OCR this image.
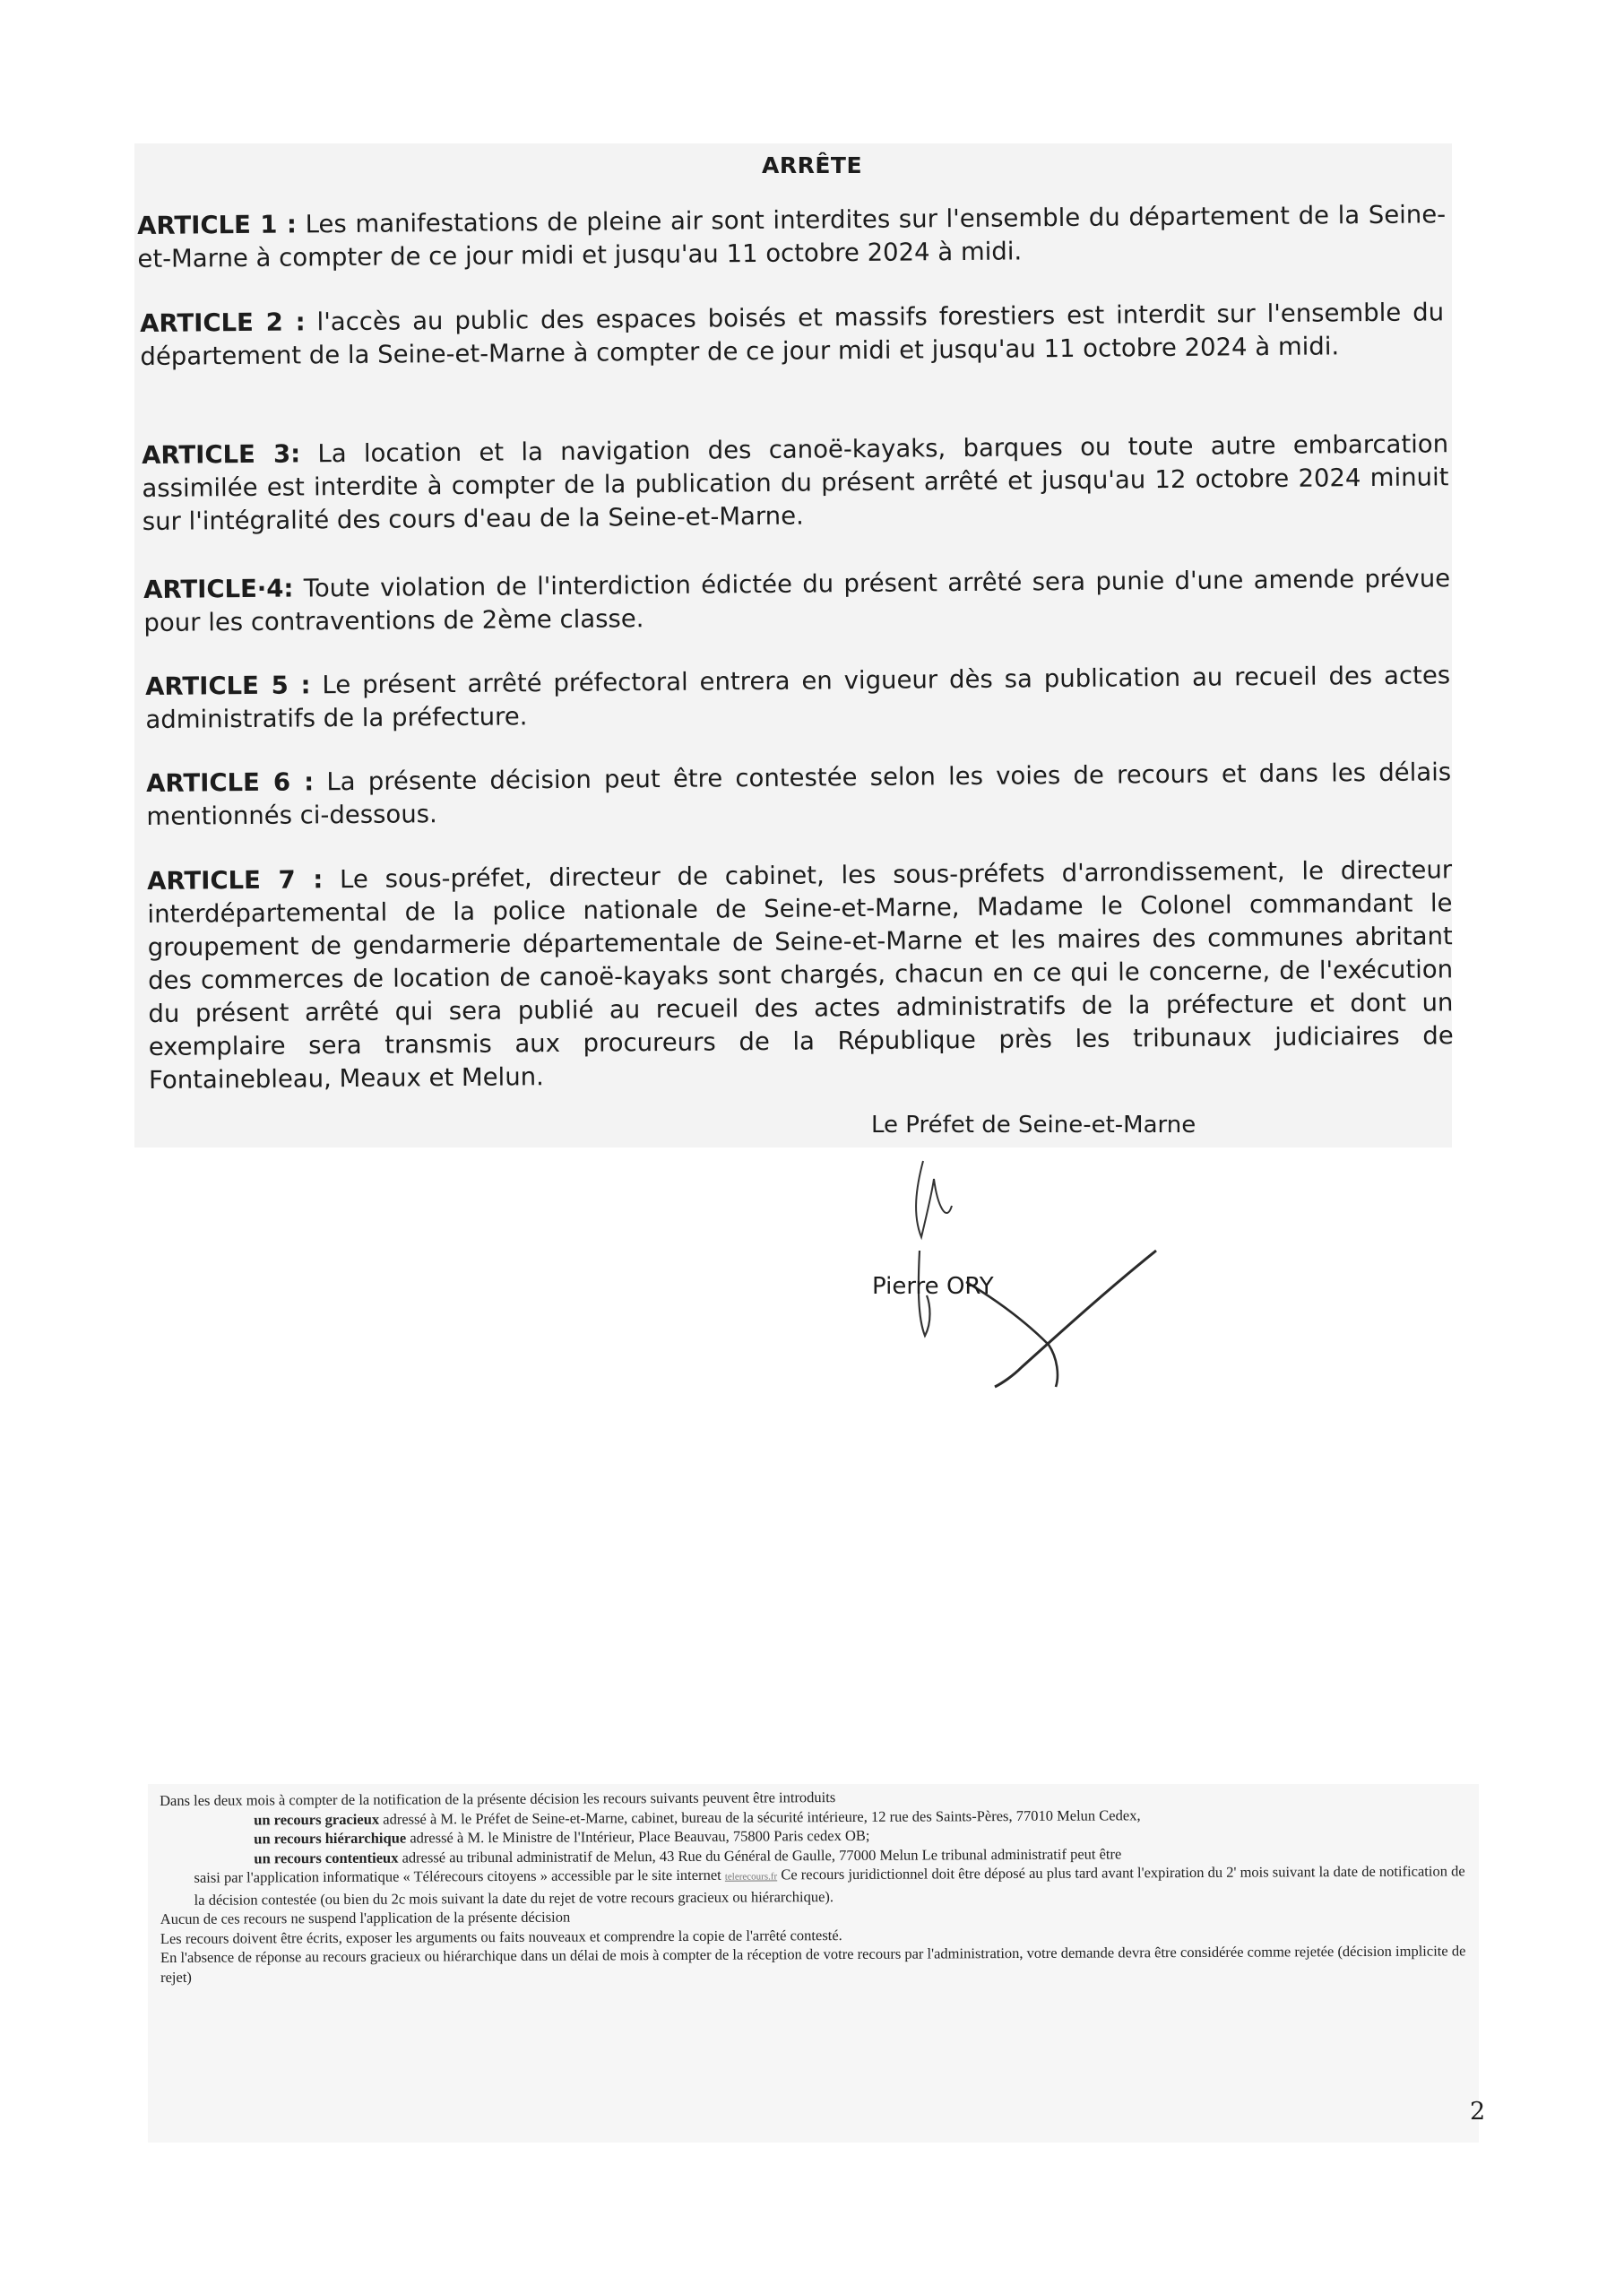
ARRÊTE
ARTICLE 1 : Les manifestations de pleine air sont interdites sur l'ensemble du département de la Seine-et-Marne à compter de ce jour midi et jusqu'au 11 octobre 2024 à midi.
ARTICLE 2 : l'accès au public des espaces boisés et massifs forestiers est interdit sur l'ensemble du département de la Seine-et-Marne à compter de ce jour midi et jusqu'au 11 octobre 2024 à midi.
ARTICLE 3: La location et la navigation des canoë-kayaks, barques ou toute autre embarcation assimilée est interdite à compter de la publication du présent arrêté et jusqu'au 12 octobre 2024 minuit sur l'intégralité des cours d'eau de la Seine-et-Marne.
ARTICLE·4: Toute violation de l'interdiction édictée du présent arrêté sera punie d'une amende prévue pour les contraventions de 2ème classe.
ARTICLE 5 : Le présent arrêté préfectoral entrera en vigueur dès sa publication au recueil des actes administratifs de la préfecture.
ARTICLE 6 : La présente décision peut être contestée selon les voies de recours et dans les délais mentionnés ci-dessous.
ARTICLE 7 : Le sous-préfet, directeur de cabinet, les sous-préfets d'arrondissement, le directeur interdépartemental de la police nationale de Seine-et-Marne, Madame le Colonel commandant le groupement de gendarmerie départementale de Seine-et-Marne et les maires des communes abritant des commerces de location de canoë-kayaks sont chargés, chacun en ce qui le concerne, de l'exécution du présent arrêté qui sera publié au recueil des actes administratifs de la préfecture et dont un exemplaire sera transmis aux procureurs de la République près les tribunaux judiciaires de Fontainebleau, Meaux et Melun.
Le Préfet de Seine-et-Marne
Pierre ORY
Dans les deux mois à compter de la notification de la présente décision les recours suivants peuvent être introduits
un recours gracieux adressé à M. le Préfet de Seine-et-Marne, cabinet, bureau de la sécurité intérieure, 12 rue des Saints-Pères, 77010 Melun Cedex,
un recours hiérarchique adressé à M. le Ministre de l'Intérieur, Place Beauvau, 75800 Paris cedex OB;
un recours contentieux adressé au tribunal administratif de Melun, 43 Rue du Général de Gaulle, 77000 Melun Le tribunal administratif peut être
saisi par l'application informatique « Télérecours citoyens » accessible par le site internet telerecours.fr Ce recours juridictionnel doit être déposé au plus tard avant l'expiration du 2' mois suivant la date de notification de la décision contestée (ou bien du 2c mois suivant la date du rejet de votre recours gracieux ou hiérarchique).
Aucun de ces recours ne suspend l'application de la présente décision
Les recours doivent être écrits, exposer les arguments ou faits nouveaux et comprendre la copie de l'arrêté contesté.
En l'absence de réponse au recours gracieux ou hiérarchique dans un délai de mois à compter de la réception de votre recours par l'administration, votre demande devra être considérée comme rejetée (décision implicite de rejet)
2
